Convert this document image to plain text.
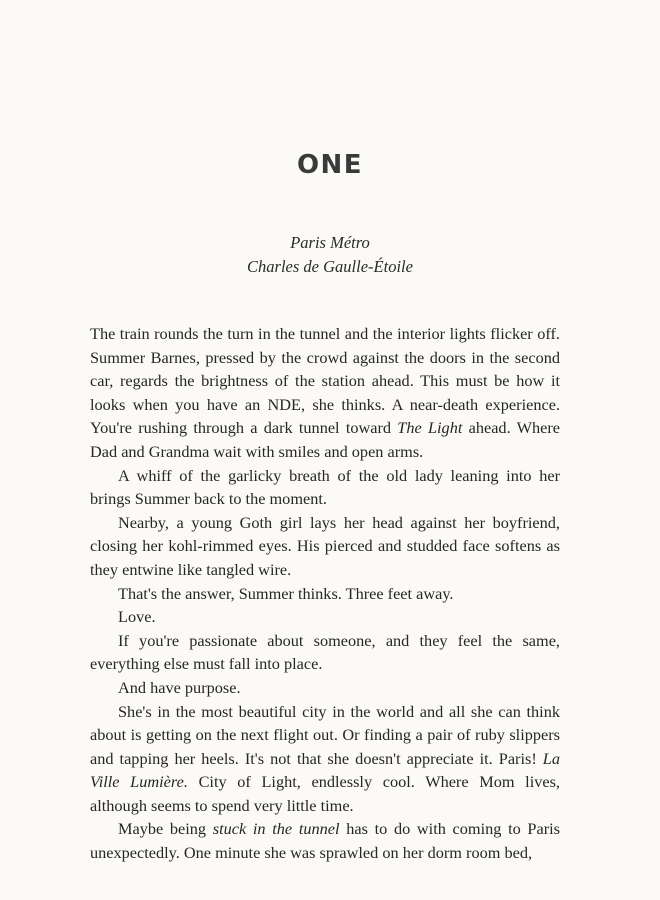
ONE
Paris Métro
Charles de Gaulle-Étoile

The train rounds the turn in the tunnel and the interior lights flicker off. Summer Barnes, pressed by the crowd against the doors in the second car, regards the brightness of the station ahead. This must be how it looks when you have an NDE, she thinks. A near-death experience. You're rushing through a dark tunnel toward The Light ahead. Where Dad and Grandma wait with smiles and open arms.

A whiff of the garlicky breath of the old lady leaning into her brings Summer back to the moment.

Nearby, a young Goth girl lays her head against her boyfriend, closing her kohl-rimmed eyes. His pierced and studded face softens as they entwine like tangled wire.

That's the answer, Summer thinks. Three feet away.

Love.

If you're passionate about someone, and they feel the same, everything else must fall into place.

And have purpose.

She's in the most beautiful city in the world and all she can think about is getting on the next flight out. Or finding a pair of ruby slippers and tapping her heels. It's not that she doesn't appreciate it. Paris! La Ville Lumière. City of Light, endlessly cool. Where Mom lives, although seems to spend very little time.

Maybe being stuck in the tunnel has to do with coming to Paris unexpectedly. One minute she was sprawled on her dorm room bed,
